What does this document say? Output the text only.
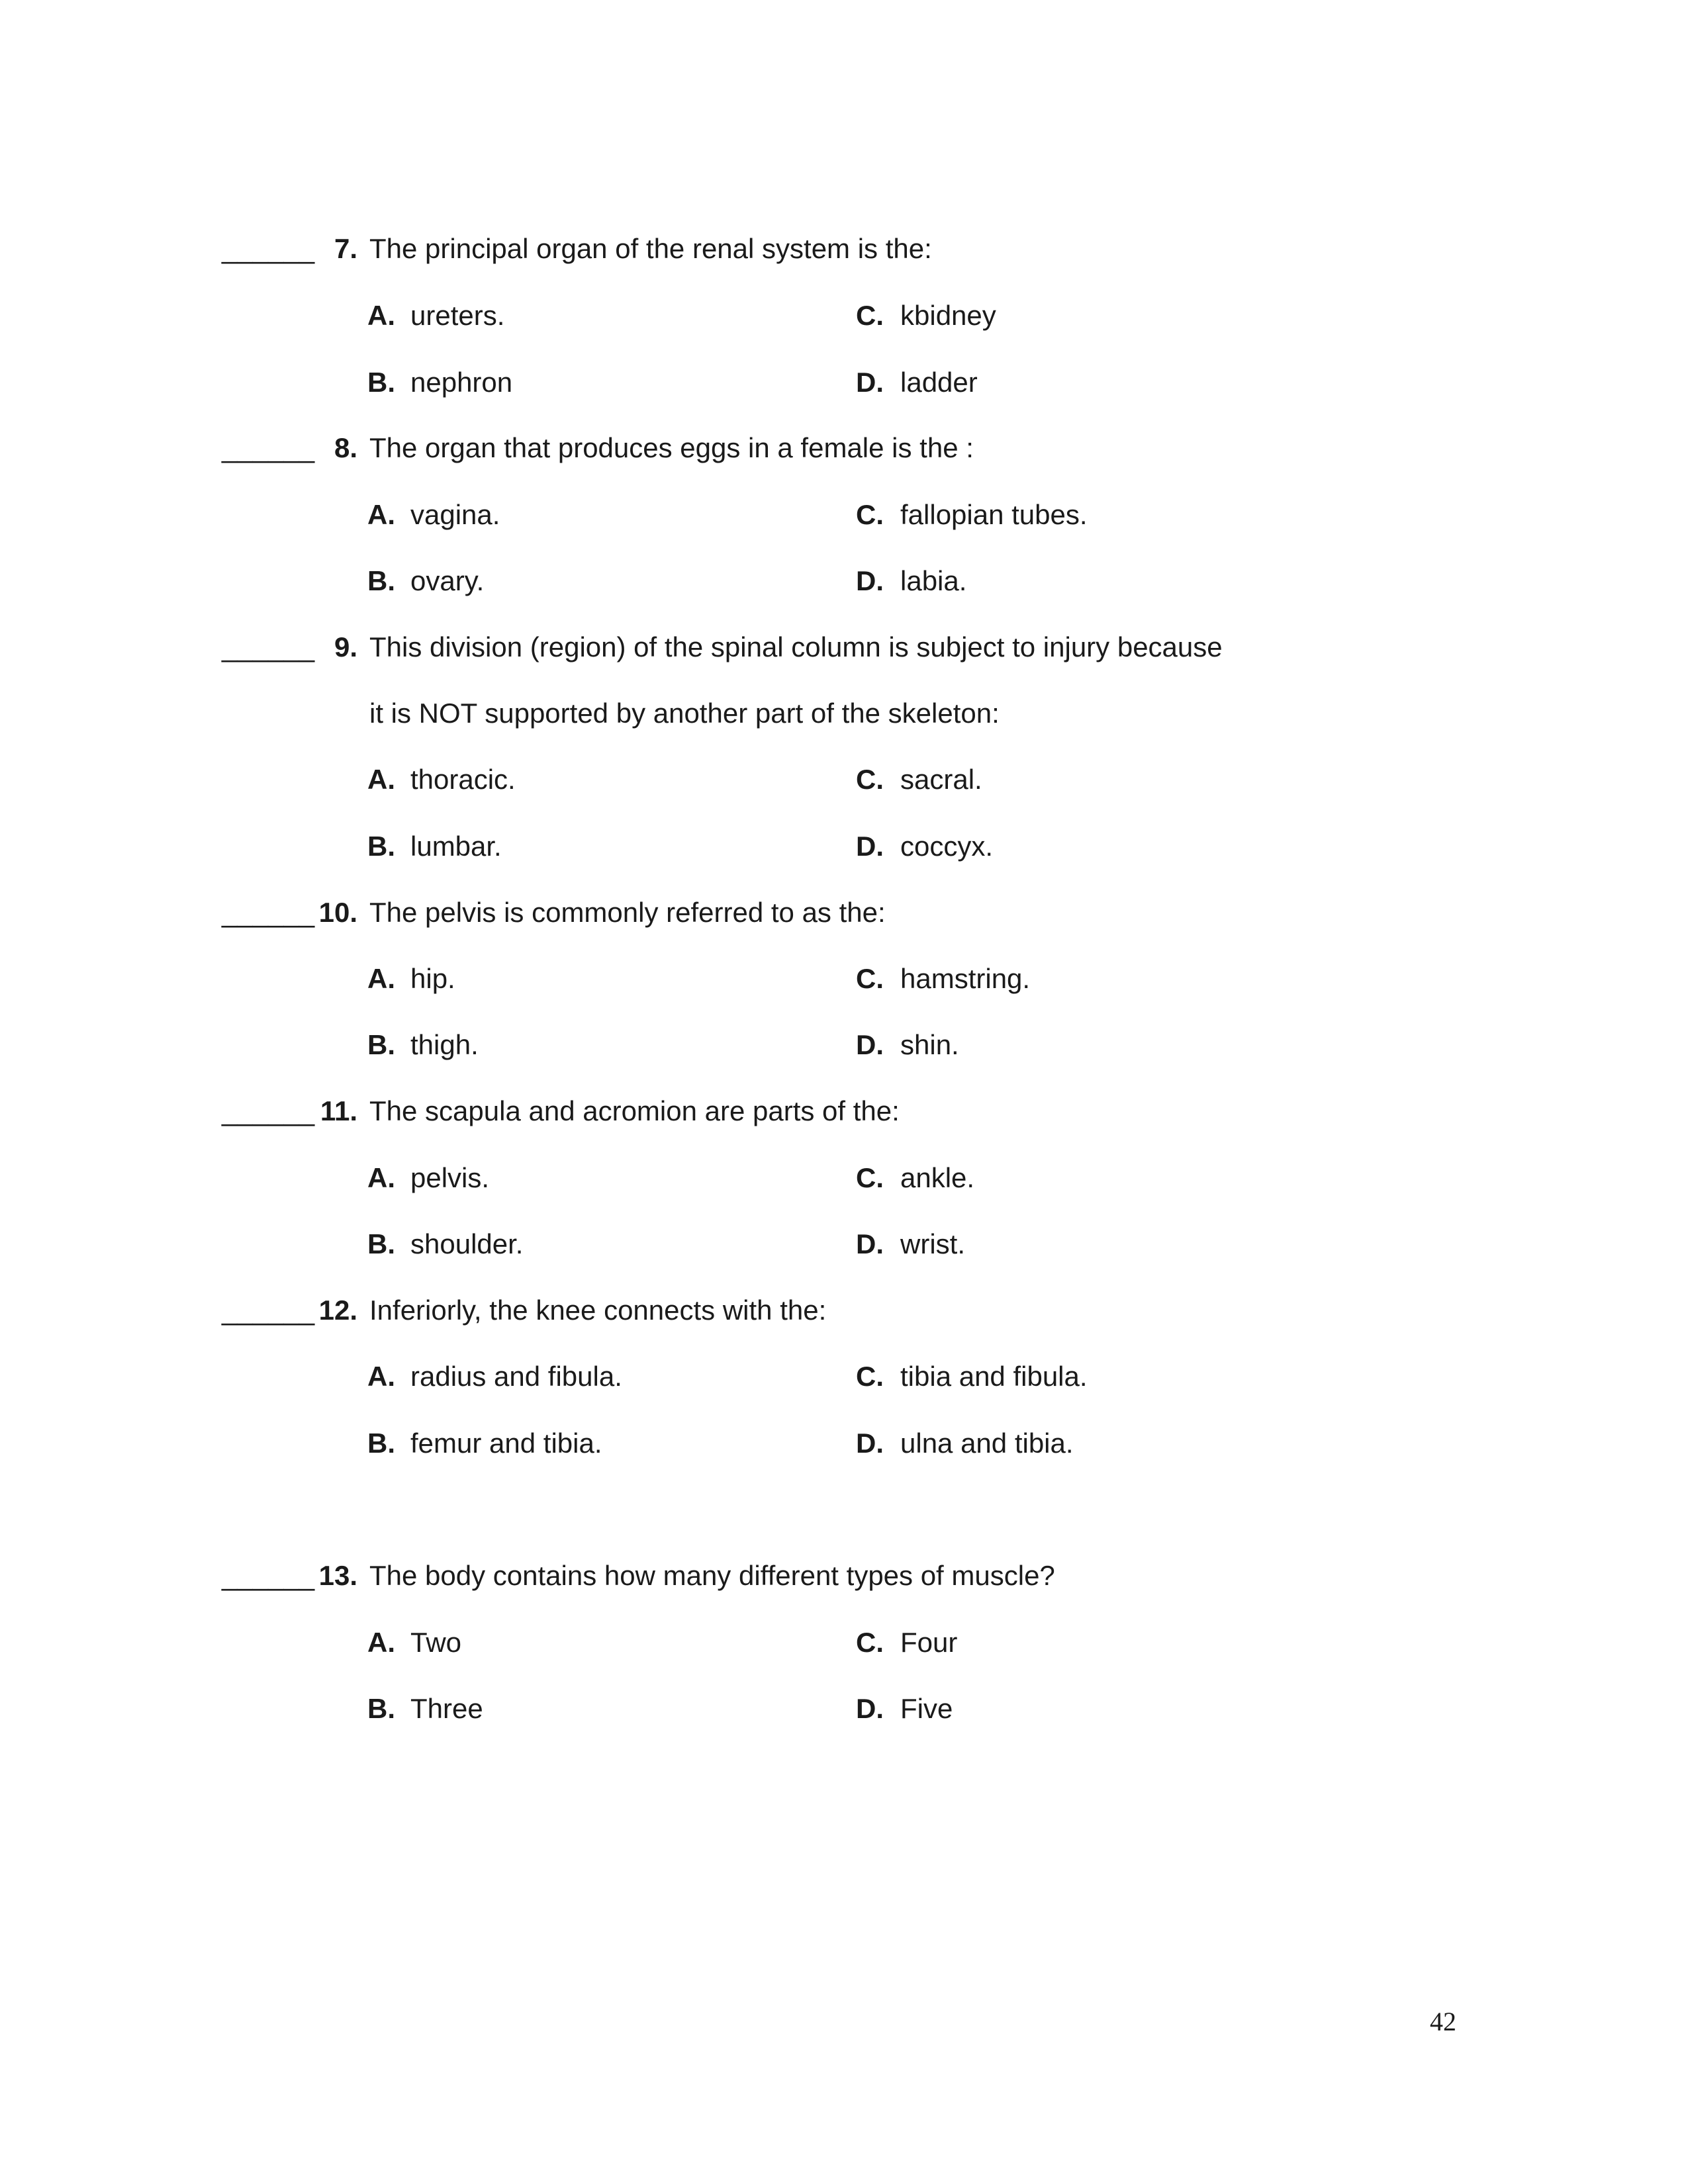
______ 7. The principal organ of the renal system is the:
A. ureters.	C. kbidney
B. nephron	D. ladder
______ 8. The organ that produces eggs in a female is the :
A. vagina.	C. fallopian tubes.
B. ovary.	D. labia.
______ 9. This division (region) of the spinal column is subject to injury because
it is NOT supported by another part of the skeleton:
A. thoracic.	C. sacral.
B. lumbar.	D. coccyx.
______ 10. The pelvis is commonly referred to as the:
A. hip.	C. hamstring.
B. thigh.	D. shin.
______ 11. The scapula and acromion are parts of the:
A. pelvis.	C. ankle.
B. shoulder.	D. wrist.
______ 12. Inferiorly, the knee connects with the:
A. radius and fibula.	C. tibia and fibula.
B. femur and tibia.	D. ulna and tibia.
______ 13. The body contains how many different types of muscle?
A. Two	C. Four
B. Three	D. Five
42
